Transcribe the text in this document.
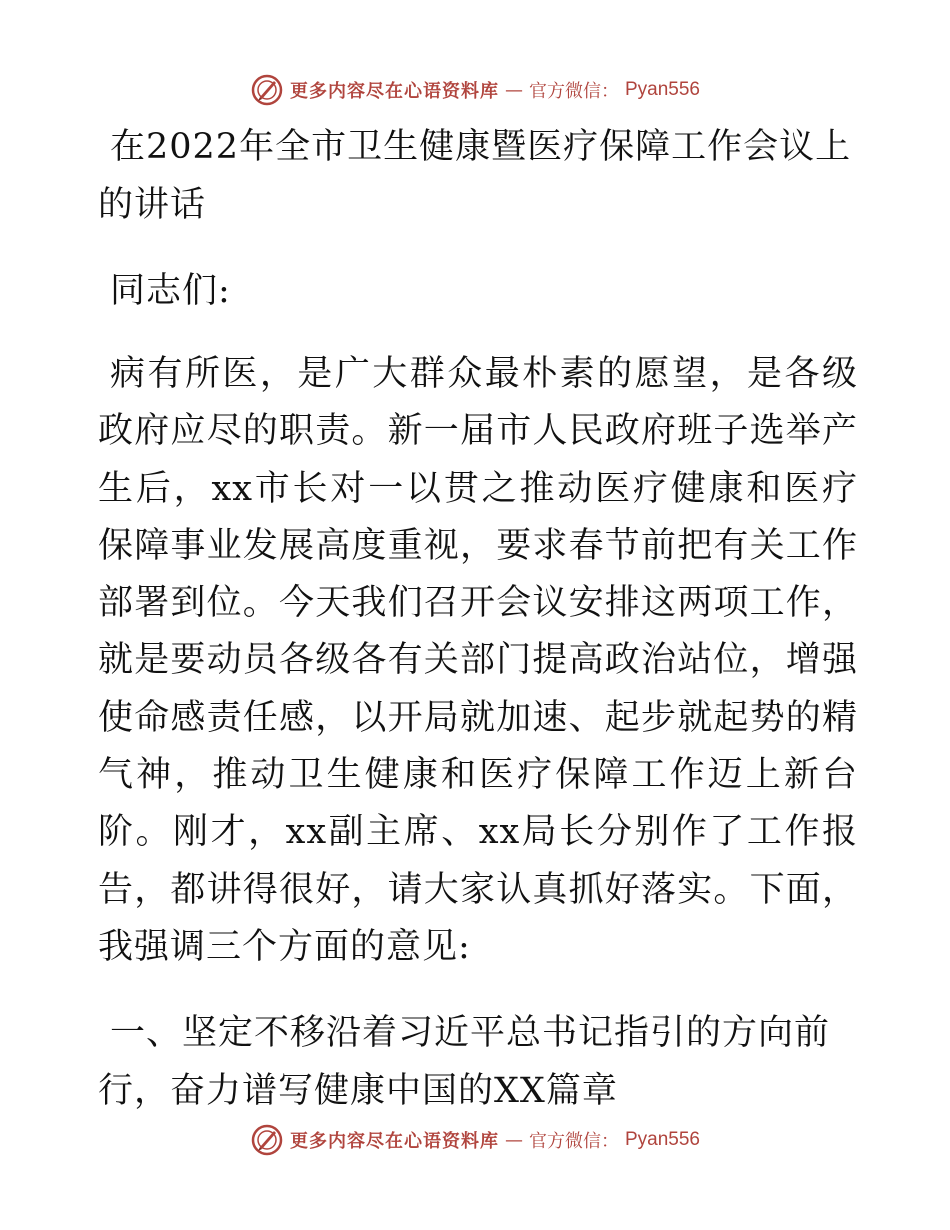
更多内容尽在心语资料库 — 官方微信： Pyan556
在2022年全市卫生健康暨医疗保障工作会议上的讲话

同志们:

病有所医，是广大群众最朴素的愿望，是各级政府应尽的职责。新一届市人民政府班子选举产生后，xx市长对一以贯之推动医疗健康和医疗保障事业发展高度重视，要求春节前把有关工作部署到位。今天我们召开会议安排这两项工作，就是要动员各级各有关部门提高政治站位，增强使命感责任感，以开局就加速、起步就起势的精气神，推动卫生健康和医疗保障工作迈上新台阶。刚才，xx副主席、xx局长分别作了工作报告，都讲得很好，请大家认真抓好落实。下面，我强调三个方面的意见:

一、坚定不移沿着习近平总书记指引的方向前行，奋力谱写健康中国的XX篇章
更多内容尽在心语资料库 — 官方微信： Pyan556
